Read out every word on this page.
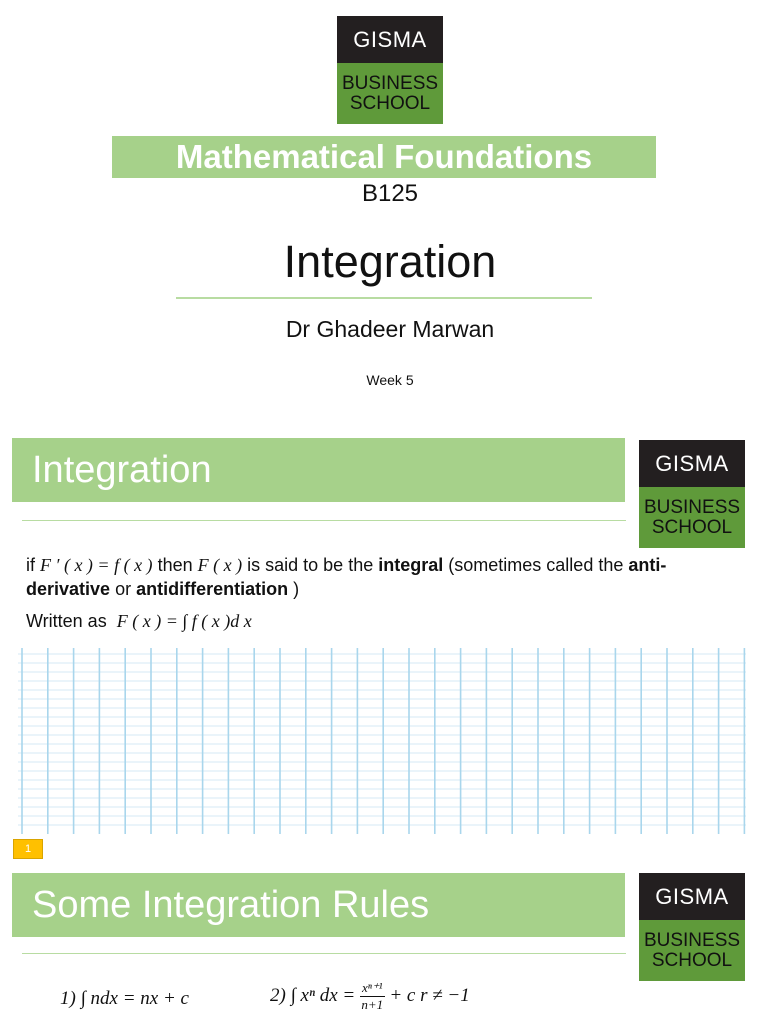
GISMA
BUSINESS
SCHOOL
Mathematical Foundations
B125
Integration
Dr Ghadeer Marwan
Week 5
Integration	GISMA
BUSINESS
SCHOOL
if F ′ ( x ) = f ( x ) then F ( x ) is said to be the integral (sometimes called the anti-derivative or antidifferentiation )
Written as F ( x ) = ∫ f ( x )d x
1
Some Integration Rules	GISMA
BUSINESS
SCHOOL
1) ∫ ndx = nx + c	2) ∫ xⁿ dx = $\frac{\text{xⁿ⁺¹}}{n+1} + c$ r ≠ −1
